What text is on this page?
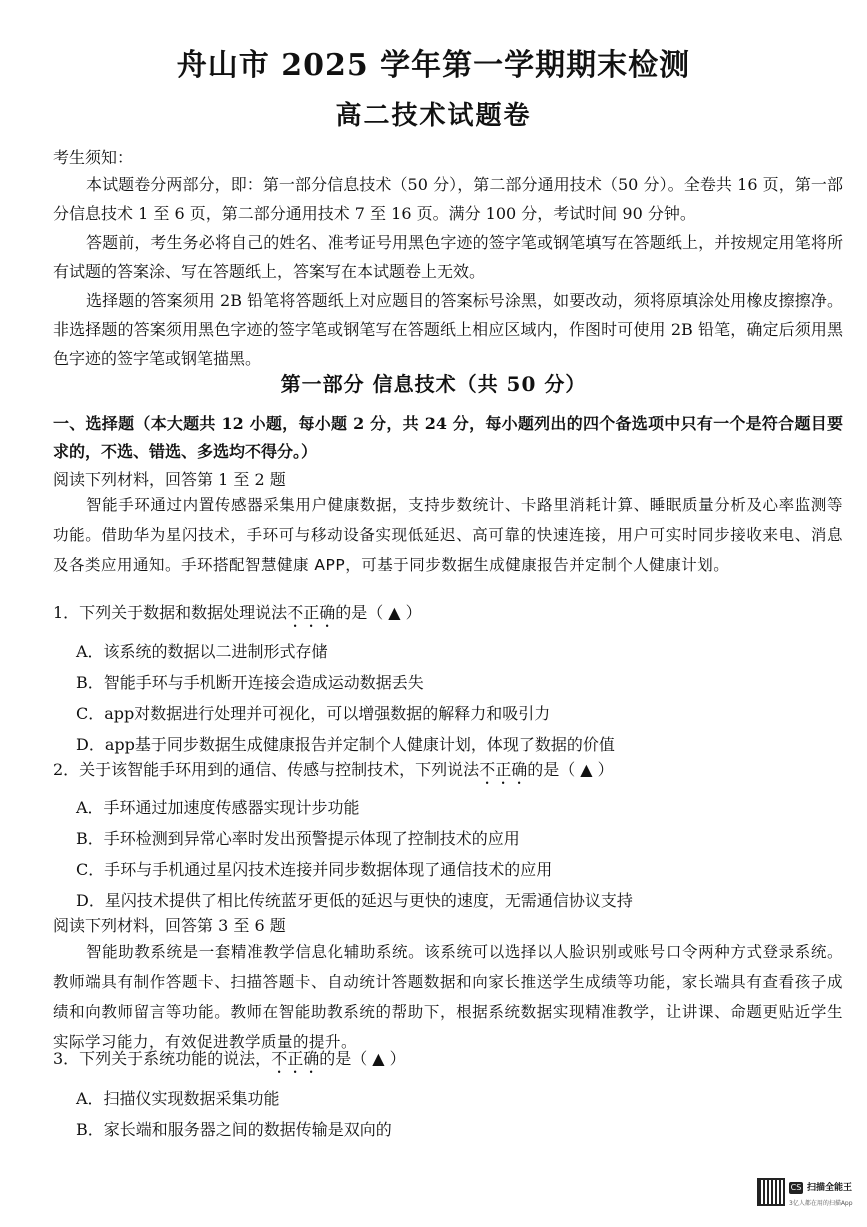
舟山市 2025 学年第一学期期末检测
高二技术试题卷
考生须知：
本试题卷分两部分，即：第一部分信息技术（50 分），第二部分通用技术（50 分）。全卷共 16 页，第一部分信息技术 1 至 6 页，第二部分通用技术 7 至 16 页。满分 100 分，考试时间 90 分钟。
答题前，考生务必将自己的姓名、准考证号用黑色字迹的签字笔或钢笔填写在答题纸上，并按规定用笔将所有试题的答案涂、写在答题纸上，答案写在本试题卷上无效。
选择题的答案须用 2B 铅笔将答题纸上对应题目的答案标号涂黑，如要改动，须将原填涂处用橡皮擦擦净。非选择题的答案须用黑色字迹的签字笔或钢笔写在答题纸上相应区域内，作图时可使用 2B 铅笔，确定后须用黑色字迹的签字笔或钢笔描黑。
第一部分 信息技术（共 50 分）
一、选择题（本大题共 12 小题，每小题 2 分，共 24 分，每小题列出的四个备选项中只有一个是符合题目要求的，不选、错选、多选均不得分。）
阅读下列材料，回答第 1 至 2 题
智能手环通过内置传感器采集用户健康数据，支持步数统计、卡路里消耗计算、睡眠质量分析及心率监测等功能。借助华为星闪技术，手环可与移动设备实现低延迟、高可靠的快速连接，用户可实时同步接收来电、消息及各类应用通知。手环搭配智慧健康 APP，可基于同步数据生成健康报告并定制个人健康计划。
1．下列关于数据和数据处理说法不正确的是（ ▲ ）
A．该系统的数据以二进制形式存储
B．智能手环与手机断开连接会造成运动数据丢失
C．app对数据进行处理并可视化，可以增强数据的解释力和吸引力
D．app基于同步数据生成健康报告并定制个人健康计划，体现了数据的价值
2．关于该智能手环用到的通信、传感与控制技术，下列说法不正确的是（ ▲ ）
A．手环通过加速度传感器实现计步功能
B．手环检测到异常心率时发出预警提示体现了控制技术的应用
C．手环与手机通过星闪技术连接并同步数据体现了通信技术的应用
D．星闪技术提供了相比传统蓝牙更低的延迟与更快的速度，无需通信协议支持
阅读下列材料，回答第 3 至 6 题
智能助教系统是一套精准教学信息化辅助系统。该系统可以选择以人脸识别或账号口令两种方式登录系统。教师端具有制作答题卡、扫描答题卡、自动统计答题数据和向家长推送学生成绩等功能，家长端具有查看孩子成绩和向教师留言等功能。教师在智能助教系统的帮助下，根据系统数据实现精准教学，让讲课、命题更贴近学生实际学习能力，有效促进教学质量的提升。
3．下列关于系统功能的说法，不正确的是（ ▲ ）
A．扫描仪实现数据采集功能
B．家长端和服务器之间的数据传输是双向的
CS 扫描全能王
3亿人都在用的扫描App
